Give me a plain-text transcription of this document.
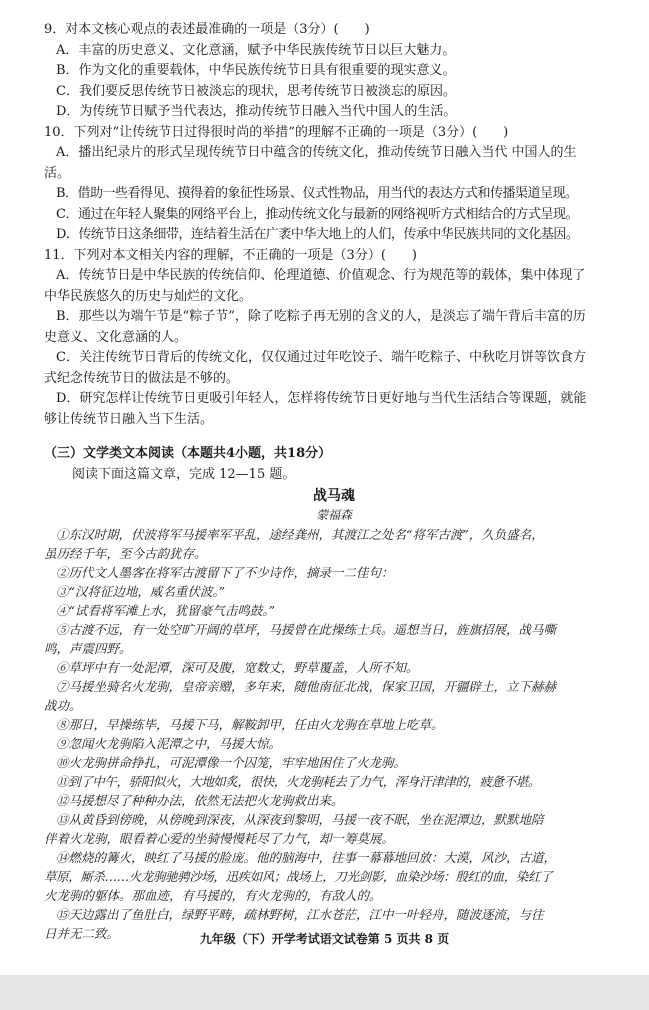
9．对本文核心观点的表述最准确的一项是（3分）(　　)

A．丰富的历史意义、文化意涵，赋予中华民族传统节日以巨大魅力。

B．作为文化的重要载体，中华民族传统节日具有很重要的现实意义。

C．我们要反思传统节日被淡忘的现状，思考传统节日被淡忘的原因。

D．为传统节日赋予当代表达，推动传统节日融入当代中国人的生活。

10．下列对“让传统节日过得很时尚的举措”的理解不正确的一项是（3分）(　　)

A．播出纪录片的形式呈现传统节日中蕴含的传统文化，推动传统节日融入当代 中国人的生

活。

B．借助一些看得见、摸得着的象征性场景、仪式性物品，用当代的表达方式和传播渠道呈现。

C．通过在年轻人聚集的网络平台上，推动传统文化与最新的网络视听方式相结合的方式呈现。

D．传统节日这条细带，连结着生活在广袤中华大地上的人们，传承中华民族共同的文化基因。

11．下列对本文相关内容的理解，不正确的一项是（3分）(　　)

A．传统节日是中华民族的传统信仰、伦理道德、价值观念、行为规范等的载体，集中体现了

中华民族悠久的历史与灿烂的文化。

B．那些以为端午节是“粽子节”，除了吃粽子再无别的含义的人，是淡忘了端午背后丰富的历

史意义、文化意涵的人。

C．关注传统节日背后的传统文化，仅仅通过过年吃饺子、端午吃粽子、中秋吃月饼等饮食方

式纪念传统节日的做法是不够的。

D．研究怎样让传统节日更吸引年轻人，怎样将传统节日更好地与当代生活结合等课题，就能

够让传统节日融入当下生活。

（三）文学类文本阅读（本题共4小题，共18分）

阅读下面这篇文章，完成 12—15 题。

战马魂

蒙福森

①东汉时期，伏波将军马援率军平乱，途经龚州，其渡江之处名“将军古渡”，久负盛名，

虽历经千年，至今古韵犹存。

②历代文人墨客在将军古渡留下了不少诗作，摘录一二佳句：

③“汉将征边地，威名重伏波。”

④“试看将军滩上水，犹留豪气击鸣鼓。”

⑤古渡不远，有一处空旷开阔的草坪，马援曾在此操练士兵。遥想当日，旌旗招展，战马嘶

鸣，声震四野。

⑥草坪中有一处泥潭，深可及腹，宽数丈，野草覆盖，人所不知。

⑦马援坐骑名火龙驹，皇帝亲赠，多年来，随他南征北战，保家卫国，开疆辟土，立下赫赫

战功。

⑧那日，早操练毕，马援下马，解鞍卸甲，任由火龙驹在草地上吃草。

⑨忽闻火龙驹陷入泥潭之中，马援大惊。

⑩火龙驹拼命挣扎，可泥潭像一个囚笼，牢牢地困住了火龙驹。

⑪到了中午，骄阳似火，大地如炙，很快，火龙驹耗去了力气，浑身汗津津的，疲惫不堪。

⑫马援想尽了种种办法，依然无法把火龙驹救出来。

⑬从黄昏到傍晚，从傍晚到深夜，从深夜到黎明，马援一夜不眠，坐在泥潭边，默默地陪

伴着火龙驹，眼看着心爱的坐骑慢慢耗尽了力气，却一筹莫展。

⑭燃烧的篝火，映红了马援的脸庞。他的脑海中，往事一幕幕地回放：大漠，风沙，古道，

草原，厮杀……火龙驹驰骋沙场，迅疾如风；战场上，刀光剑影，血染沙场：殷红的血，染红了

火龙驹的躯体。那血迹，有马援的，有火龙驹的，有敌人的。

⑮天边露出了鱼肚白，绿野平畴，疏林野树，江水苍茫，江中一叶轻舟，随波逐流，与往

日并无二致。	九年级（下）开学考试语文试卷第 5 页共 8 页
